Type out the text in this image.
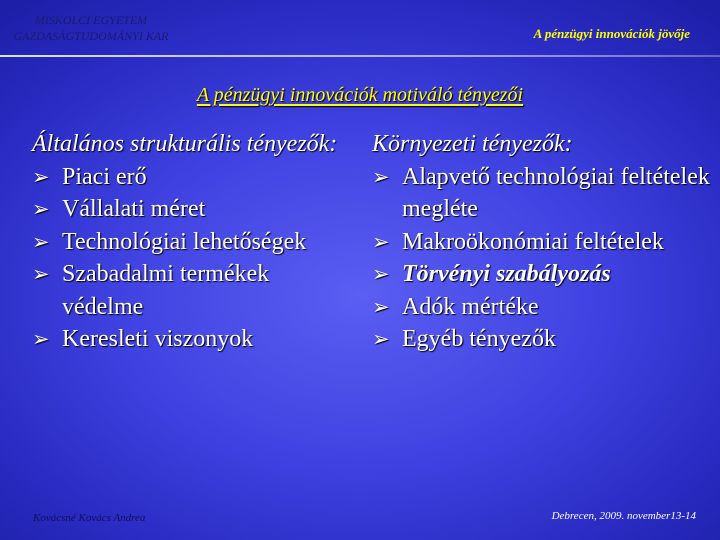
MISKOLCI EGYETEM
GAZDASÁGTUDOMÁNYI KAR	A pénzügyi innovációk jövője
A pénzügyi innovációk motiváló tényezői
Általános strukturális tényezők:
➢ Piaci erő
➢ Vállalati méret
➢ Technológiai lehetőségek
➢ Szabadalmi termékek védelme
➢ Keresleti viszonyok
Környezeti tényezők:
➢ Alapvető technológiai feltételek megléte
➢ Makroökonómiai feltételek
➢ Törvényi szabályozás
➢ Adók mértéke
➢ Egyéb tényezők
Kovácsné Kovács Andrea	Debrecen, 2009. november13-14
